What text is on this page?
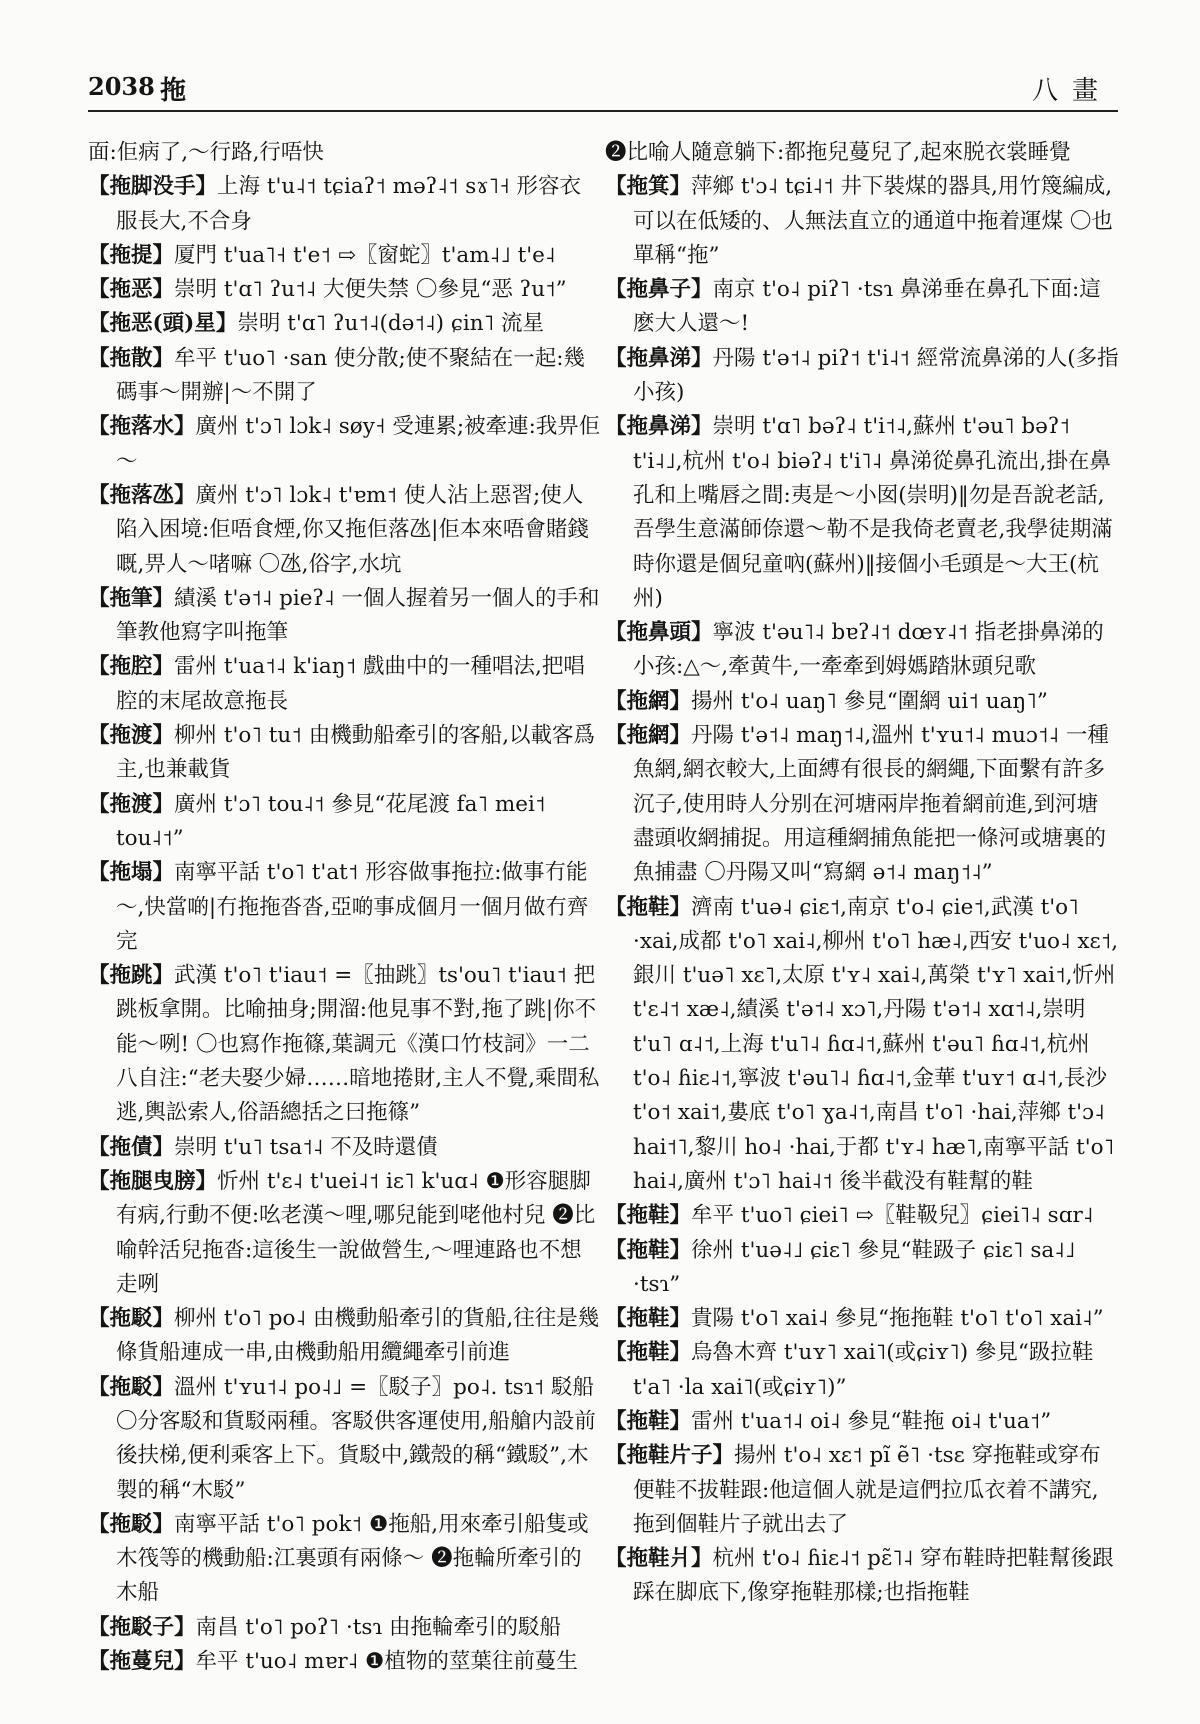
2038 拖	八畫
面:佢病了,～行路,行唔快
【拖脚没手】上海 t'u˨˦ tɕiaʔ˦ məʔ˨˦ sɤ˥˧ 形容衣服長大,不合身
【拖提】厦門 t'ua˥˧ t'e˦ ⇨〖窗蛇〗t'am˨˩ t'e˨
【拖恶】崇明 t'ɑ˥ ʔu˦˨ 大便失禁 〇參見“恶 ʔu˦”
【拖恶(頭)星】崇明 t'ɑ˥ ʔu˦˨(də˦˨) ɕin˥ 流星
【拖散】牟平 t'uo˥ ·san 使分散;使不聚結在一起:幾碼事～開辦|～不開了
【拖落水】廣州 t'ɔ˥ lɔk˨ søy˧ 受連累;被牽連:我畀佢～
【拖落氹】廣州 t'ɔ˥ lɔk˨ t'ɐm˦ 使人沾上惡習;使人陷入困境:佢唔食煙,你又拖佢落氹|佢本來唔會賭錢嘅,畀人～啫嘛 〇氹,俗字,水坑
【拖筆】績溪 t'ə˦˨ pieʔ˨ 一個人握着另一個人的手和筆教他寫字叫拖筆
【拖腔】雷州 t'ua˦˨ k'iaŋ˦ 戲曲中的一種唱法,把唱腔的末尾故意拖長
【拖渡】柳州 t'o˥ tu˦ 由機動船牽引的客船,以載客爲主,也兼載貨
【拖渡】廣州 t'ɔ˥ tou˨˦ 參見“花尾渡 fa˥ mei˦ tou˨˦”
【拖塌】南寧平話 t'o˥ t'at˦ 形容做事拖拉:做事冇能～,快當啲|冇拖拖沓沓,亞啲事成個月一個月做冇齊完
【拖跳】武漢 t'o˥ t'iau˦ =〖抽跳〗ts'ou˥ t'iau˦ 把跳板拿開。比喻抽身;開溜:他見事不對,拖了跳|你不能～咧! 〇也寫作拖篠,葉調元《漢口竹枝詞》一二八自注:“老夫娶少婦……暗地捲財,主人不覺,乘間私逃,輿訟索人,俗語總括之曰拖篠”
【拖債】崇明 t'u˥ tsa˦˨ 不及時還債
【拖腿曳膀】忻州 t'ɛ˨ t'uei˨˦ iɛ˥ k'uɑ˨ ❶形容腿脚有病,行動不便:吆老漢～哩,哪兒能到咾他村兒 ❷比喻幹活兒拖沓:這後生一說做營生,～哩連路也不想走咧
【拖駁】柳州 t'o˥ po˨ 由機動船牽引的貨船,往往是幾條貨船連成一串,由機動船用纜繩牽引前進
【拖駁】溫州 t'ʏu˦˨ po˨˩ =〖駁子〗po˨. tsɿ˦ 駁船 〇分客駁和貨駁兩種。客駁供客運使用,船艙内設前後扶梯,便利乘客上下。貨駁中,鐵殼的稱“鐵駁”,木製的稱“木駁”
【拖駁】南寧平話 t'o˥ pok˦ ❶拖船,用來牽引船隻或木筏等的機動船:江裏頭有兩條～ ❷拖輪所牽引的木船
【拖駁子】南昌 t'o˥ poʔ˥ ·tsɿ 由拖輪牽引的駁船
【拖蔓兒】牟平 t'uo˨ mɐr˨ ❶植物的莖葉往前蔓生
❷比喻人隨意躺下:都拖兒蔓兒了,起來脱衣裳睡覺
【拖箕】萍鄉 t'ɔ˨ tɕi˨˦ 井下裝煤的器具,用竹篾編成,可以在低矮的、人無法直立的通道中拖着運煤 〇也單稱“拖”
【拖鼻子】南京 t'o˨ piʔ˥ ·tsɿ 鼻涕垂在鼻孔下面:這麽大人還～!
【拖鼻涕】丹陽 t'ə˦˨ piʔ˦ t'i˨˦ 經常流鼻涕的人(多指小孩)
【拖鼻涕】崇明 t'ɑ˥ bəʔ˨ t'i˦˨,蘇州 t'əu˥ bəʔ˦ t'i˨˩,杭州 t'o˨ biəʔ˨ t'i˥˨ 鼻涕從鼻孔流出,掛在鼻孔和上嘴唇之間:夷是～小囡(崇明)‖勿是吾說老話,吾學生意滿師倷還～勒不是我倚老賣老,我學徒期滿時你還是個兒童吶(蘇州)‖接個小毛頭是～大王(杭州)
【拖鼻頭】寧波 t'əu˥˨ bɐʔ˨˦ dœʏ˨˦ 指老掛鼻涕的小孩:△～,牽黄牛,一牽牽到姆媽踏牀頭兒歌
【拖網】揚州 t'o˨ uaŋ˥ 參見“圍網 ui˦ uaŋ˥”
【拖網】丹陽 t'ə˦˨ maŋ˦˨,溫州 t'ʏu˦˨ muɔ˦˨ 一種魚網,網衣較大,上面縛有很長的網繩,下面繫有許多沉子,使用時人分别在河塘兩岸拖着網前進,到河塘盡頭收網捕捉。用這種網捕魚能把一條河或塘裏的魚捕盡 〇丹陽又叫“寫網 ə˦˨ maŋ˦˨”
【拖鞋】濟南 t'uə˨ ɕiɛ˦,南京 t'o˨ ɕie˦,武漢 t'o˥ ·xai,成都 t'o˥ xai˨,柳州 t'o˥ hæ˨,西安 t'uo˨ xɛ˦,銀川 t'uə˥ xɛ˥,太原 t'ʏ˨ xai˨,萬榮 t'ʏ˥ xai˦,忻州 t'ɛ˨˦ xæ˨,績溪 t'ə˦˨ xɔ˥,丹陽 t'ə˦˨ xɑ˦˨,崇明 t'u˥ ɑ˨˦,上海 t'u˥˨ ɦɑ˨˦,蘇州 t'əu˥ ɦɑ˨˦,杭州 t'o˨ ɦiɛ˨˦,寧波 t'əu˥˨ ɦɑ˨˦,金華 t'uʏ˦ ɑ˨˦,長沙 t'o˦ xai˦,婁底 t'o˥ ɣa˨˦,南昌 t'o˥ ·hai,萍鄉 t'ɔ˨ hai˦˥,黎川 ho˨ ·hai,于都 t'ʏ˨ hæ˥,南寧平話 t'o˥ hai˨,廣州 t'ɔ˥ hai˨˦ 後半截没有鞋幫的鞋
【拖鞋】牟平 t'uo˥ ɕiei˥ ⇨〖鞋靸兒〗ɕiei˥˨ sɑr˨
【拖鞋】徐州 t'uə˨˩ ɕiɛ˥ 參見“鞋趿子 ɕiɛ˥ sa˨˩ ·tsɿ”
【拖鞋】貴陽 t'o˥ xai˨ 參見“拖拖鞋 t'o˥ t'o˥ xai˨”
【拖鞋】烏魯木齊 t'uʏ˥ xai˥(或ɕiʏ˥) 參見“趿拉鞋 t'a˥ ·la xai˥(或ɕiʏ˥)”
【拖鞋】雷州 t'ua˦˨ oi˨ 參見“鞋拖 oi˨ t'ua˦”
【拖鞋片子】揚州 t'o˨ xɛ˦ pĩ ẽ˥ ·tsɛ 穿拖鞋或穿布便鞋不拔鞋跟:他這個人就是這們拉瓜衣着不講究,拖到個鞋片子就出去了
【拖鞋爿】杭州 t'o˨ ɦiɛ˨˦ pɛ̃˥˨ 穿布鞋時把鞋幫後跟踩在脚底下,像穿拖鞋那樣;也指拖鞋
